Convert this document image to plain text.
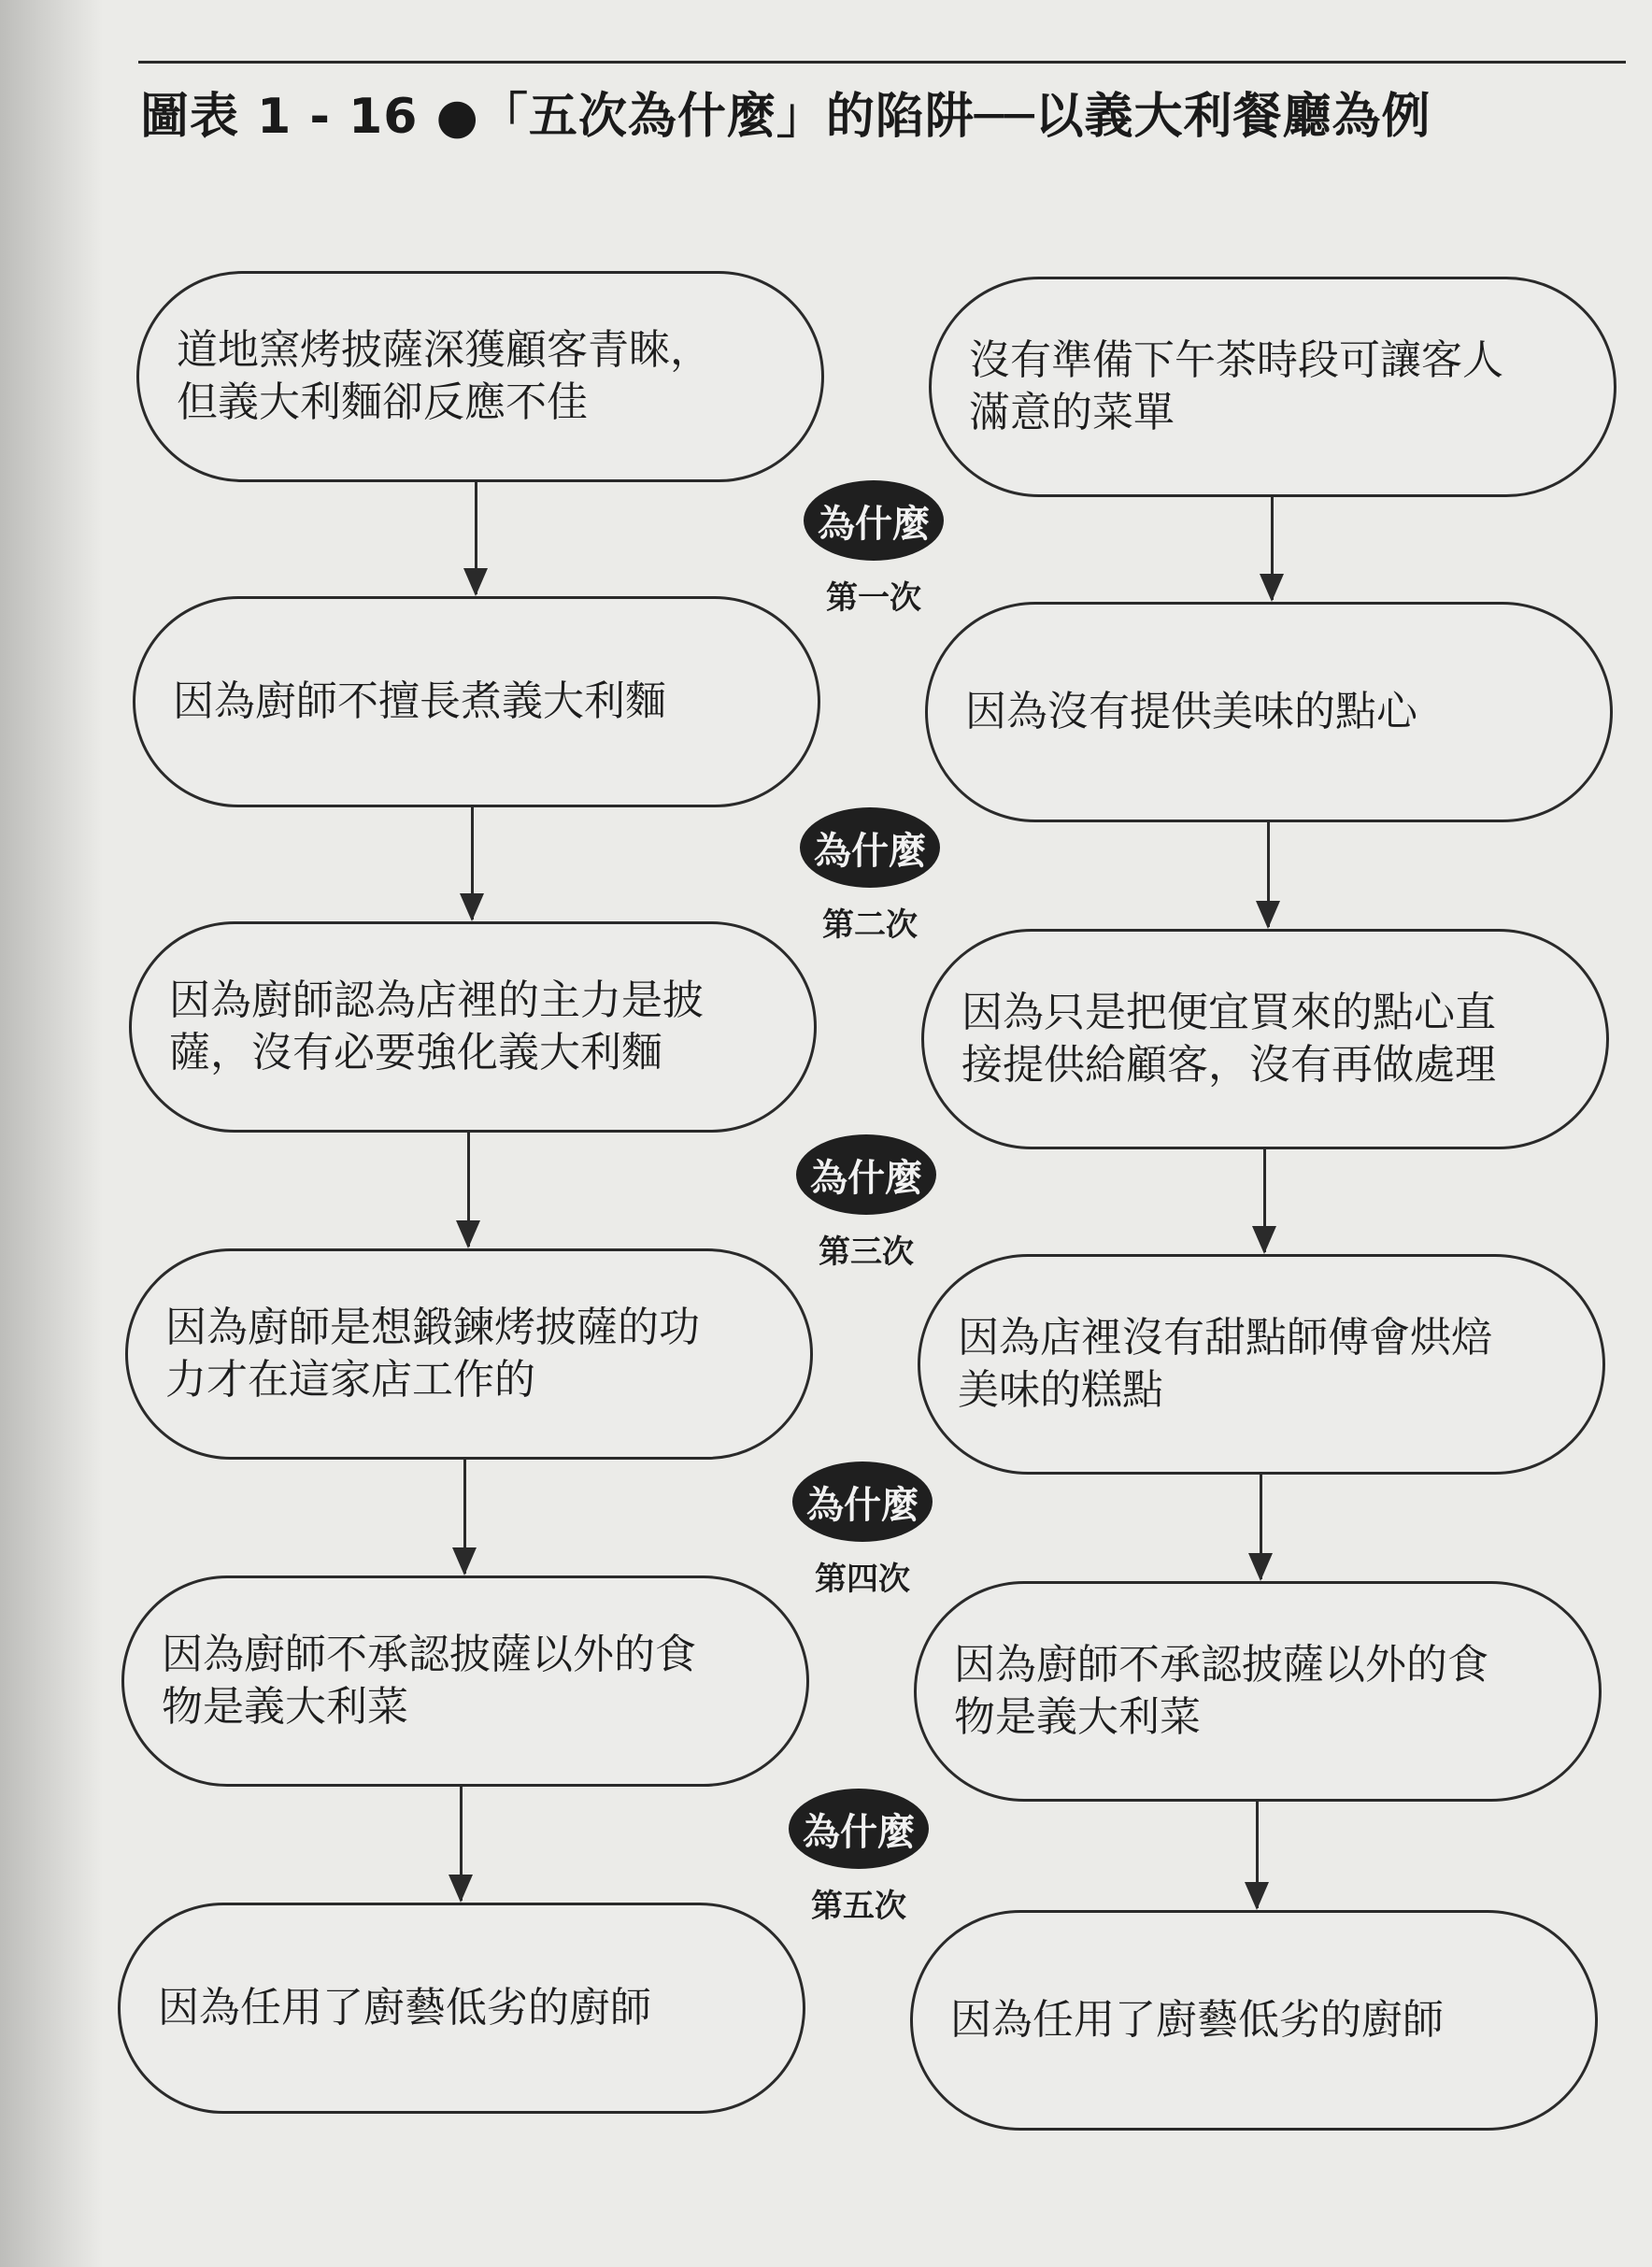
圖表 1 - 16 ●「五次為什麼」的陷阱──以義大利餐廳為例
道地窯烤披薩深獲顧客青睞，
但義大利麵卻反應不佳
因為廚師不擅長煮義大利麵
因為廚師認為店裡的主力是披
薩，沒有必要強化義大利麵
因為廚師是想鍛鍊烤披薩的功
力才在這家店工作的
因為廚師不承認披薩以外的食
物是義大利菜
因為任用了廚藝低劣的廚師
沒有準備下午茶時段可讓客人
滿意的菜單
因為沒有提供美味的點心
因為只是把便宜買來的點心直
接提供給顧客，沒有再做處理
因為店裡沒有甜點師傅會烘焙
美味的糕點
因為廚師不承認披薩以外的食
物是義大利菜
因為任用了廚藝低劣的廚師
為什麼
第一次
為什麼
第二次
為什麼
第三次
為什麼
第四次
為什麼
第五次
